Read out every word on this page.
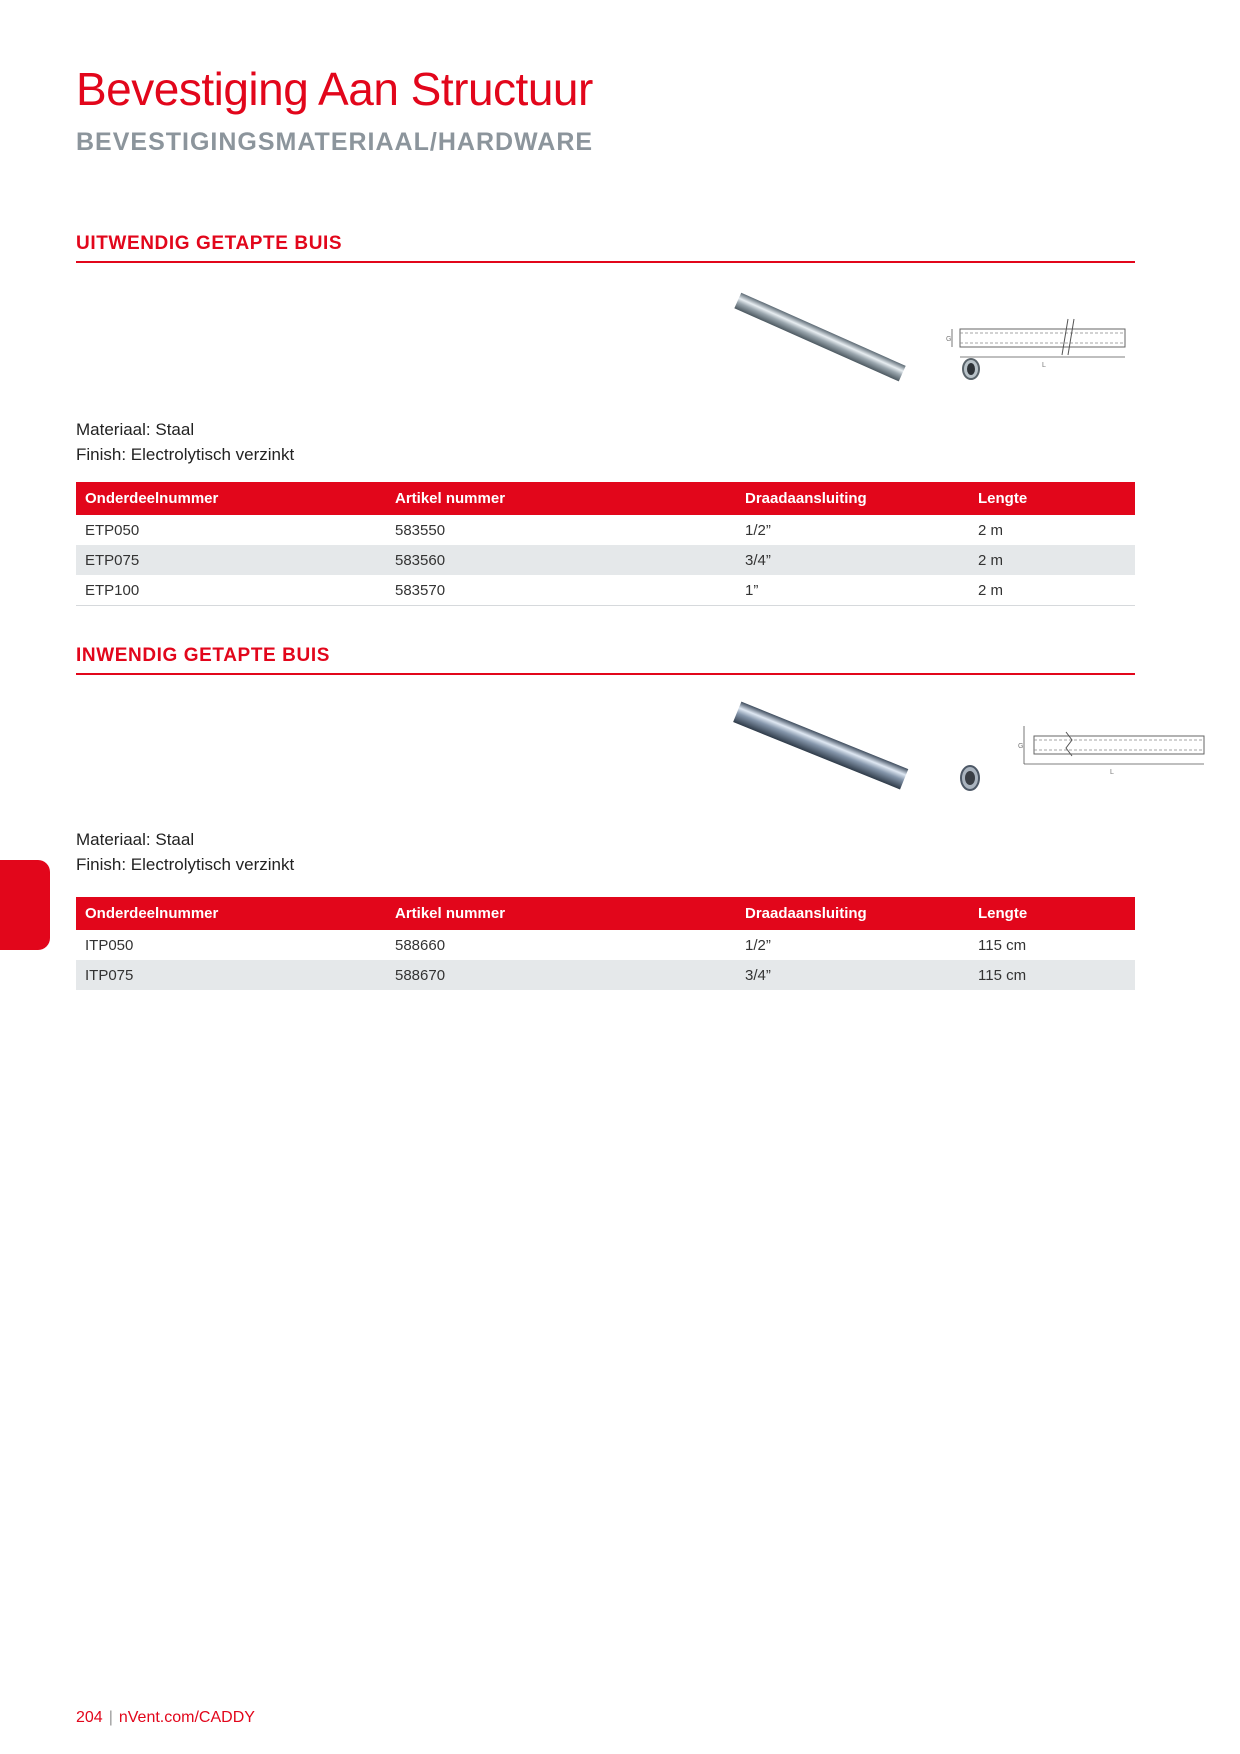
Bevestiging Aan Structuur
BEVESTIGINGSMATERIAAL/HARDWARE
UITWENDIG GETAPTE BUIS
G
L
Materiaal: Staal
Finish: Electrolytisch verzinkt
Onderdeelnummer	Artikel nummer	Draadaansluiting	Lengte
ETP050	583550	1/2”	2 m
ETP075	583560	3/4”	2 m
ETP100	583570	1”	2 m
INWENDIG GETAPTE BUIS
G
L
Materiaal: Staal
Finish: Electrolytisch verzinkt
Onderdeelnummer	Artikel nummer	Draadaansluiting	Lengte
ITP050	588660	1/2”	115 cm
ITP075	588670	3/4”	115 cm
204 | nVent.com/CADDY
